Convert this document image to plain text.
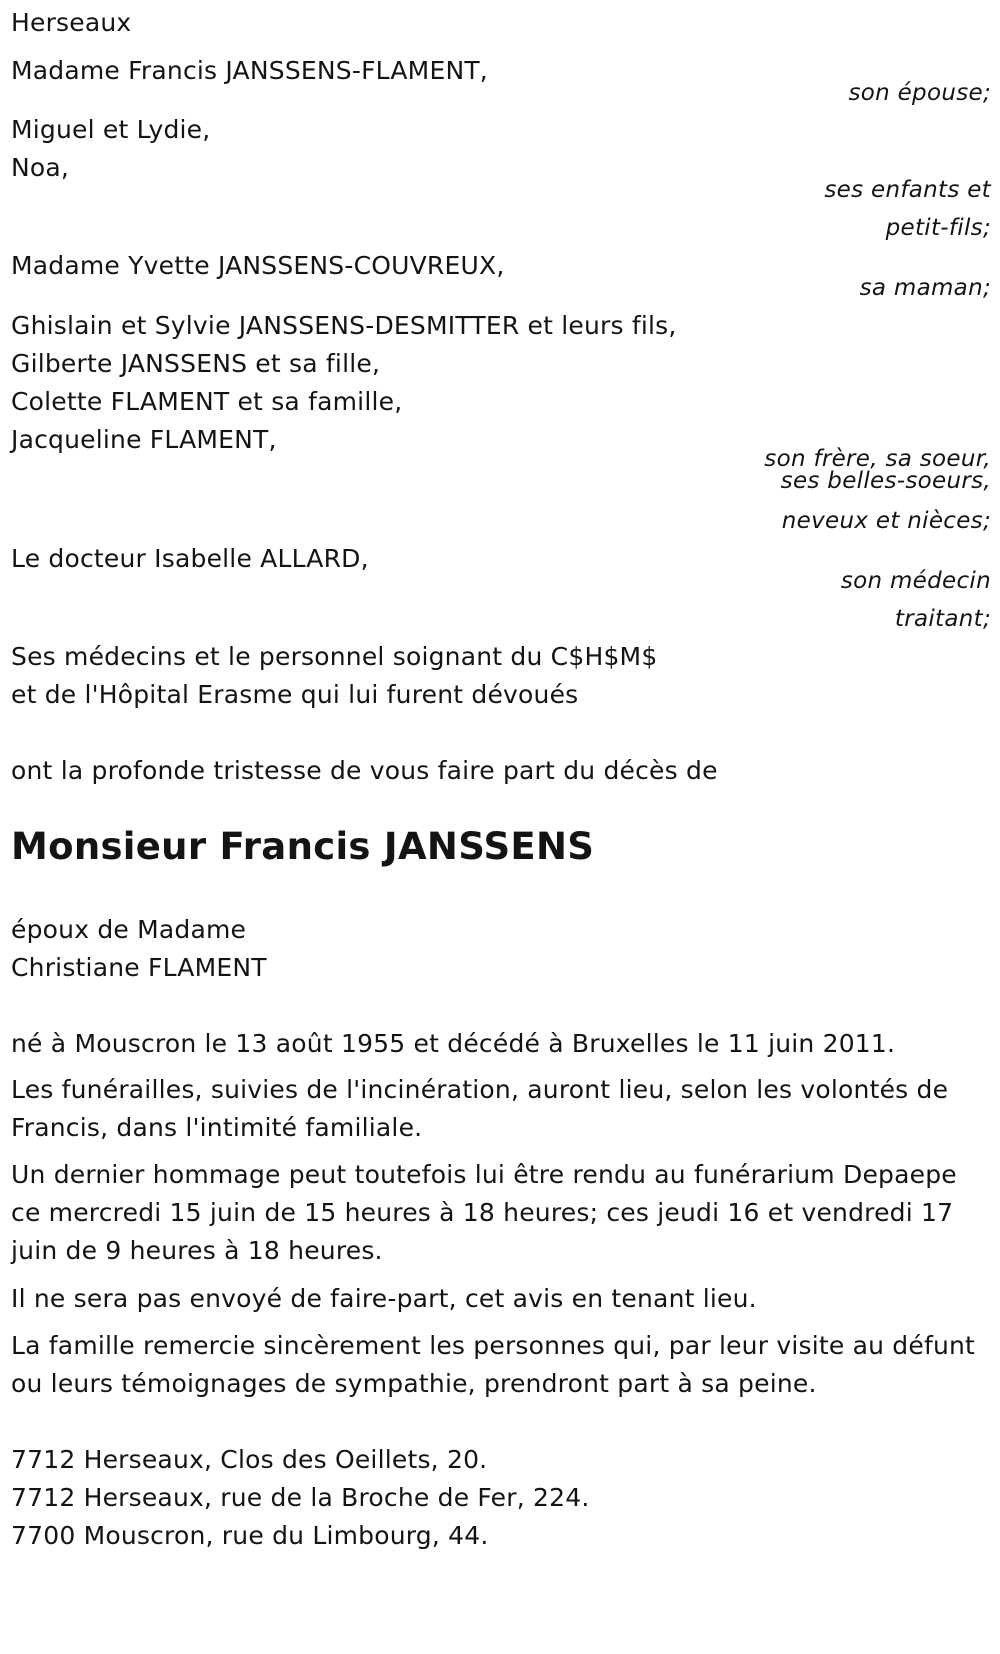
Herseaux
Madame Francis JANSSENS-FLAMENT,
son épouse;
Miguel et Lydie,
Noa,
ses enfants et
petit-fils;
Madame Yvette JANSSENS-COUVREUX,
sa maman;
Ghislain et Sylvie JANSSENS-DESMITTER et leurs fils,
Gilberte JANSSENS et sa fille,
Colette FLAMENT et sa famille,
Jacqueline FLAMENT,
son frère, sa soeur,
ses belles-soeurs,
neveux et nièces;
Le docteur Isabelle ALLARD,
son médecin
traitant;
Ses médecins et le personnel soignant du C$H$M$
et de l'Hôpital Erasme qui lui furent dévoués
ont la profonde tristesse de vous faire part du décès de
Monsieur Francis JANSSENS
époux de Madame
Christiane FLAMENT
né à Mouscron le 13 août 1955 et décédé à Bruxelles le 11 juin 2011.
Les funérailles, suivies de l'incinération, auront lieu, selon les volontés de Francis, dans l'intimité familiale.
Un dernier hommage peut toutefois lui être rendu au funérarium Depaepe ce mercredi 15 juin de 15 heures à 18 heures; ces jeudi 16 et vendredi 17 juin de 9 heures à 18 heures.
Il ne sera pas envoyé de faire-part, cet avis en tenant lieu.
La famille remercie sincèrement les personnes qui, par leur visite au défunt ou leurs témoignages de sympathie, prendront part à sa peine.
7712 Herseaux, Clos des Oeillets, 20.
7712 Herseaux, rue de la Broche de Fer, 224.
7700 Mouscron, rue du Limbourg, 44.
